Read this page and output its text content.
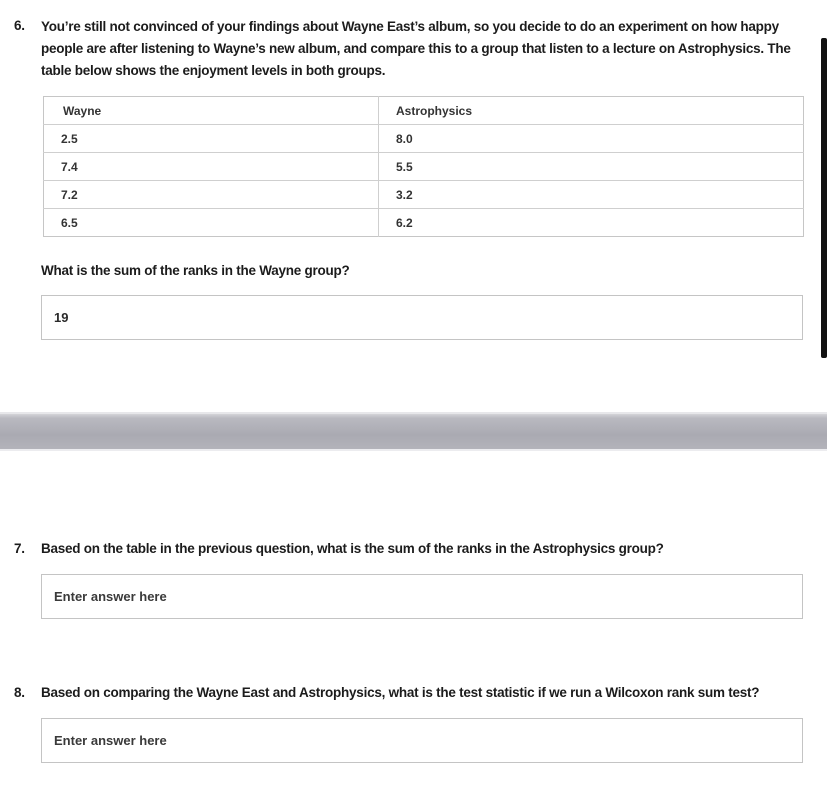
6. You’re still not convinced of your findings about Wayne East’s album, so you decide to do an experiment on how happy

people are after listening to Wayne’s new album, and compare this to a group that listen to a lecture on Astrophysics. The

table below shows the enjoyment levels in both groups.

Wayne	Astrophysics
2.5	8.0
7.4	5.5
7.2	3.2
6.5	6.2
What is the sum of the ranks in the Wayne group?
19
7. Based on the table in the previous question, what is the sum of the ranks in the Astrophysics group?
Enter answer here
8. Based on comparing the Wayne East and Astrophysics, what is the test statistic if we run a Wilcoxon rank sum test?
Enter answer here
